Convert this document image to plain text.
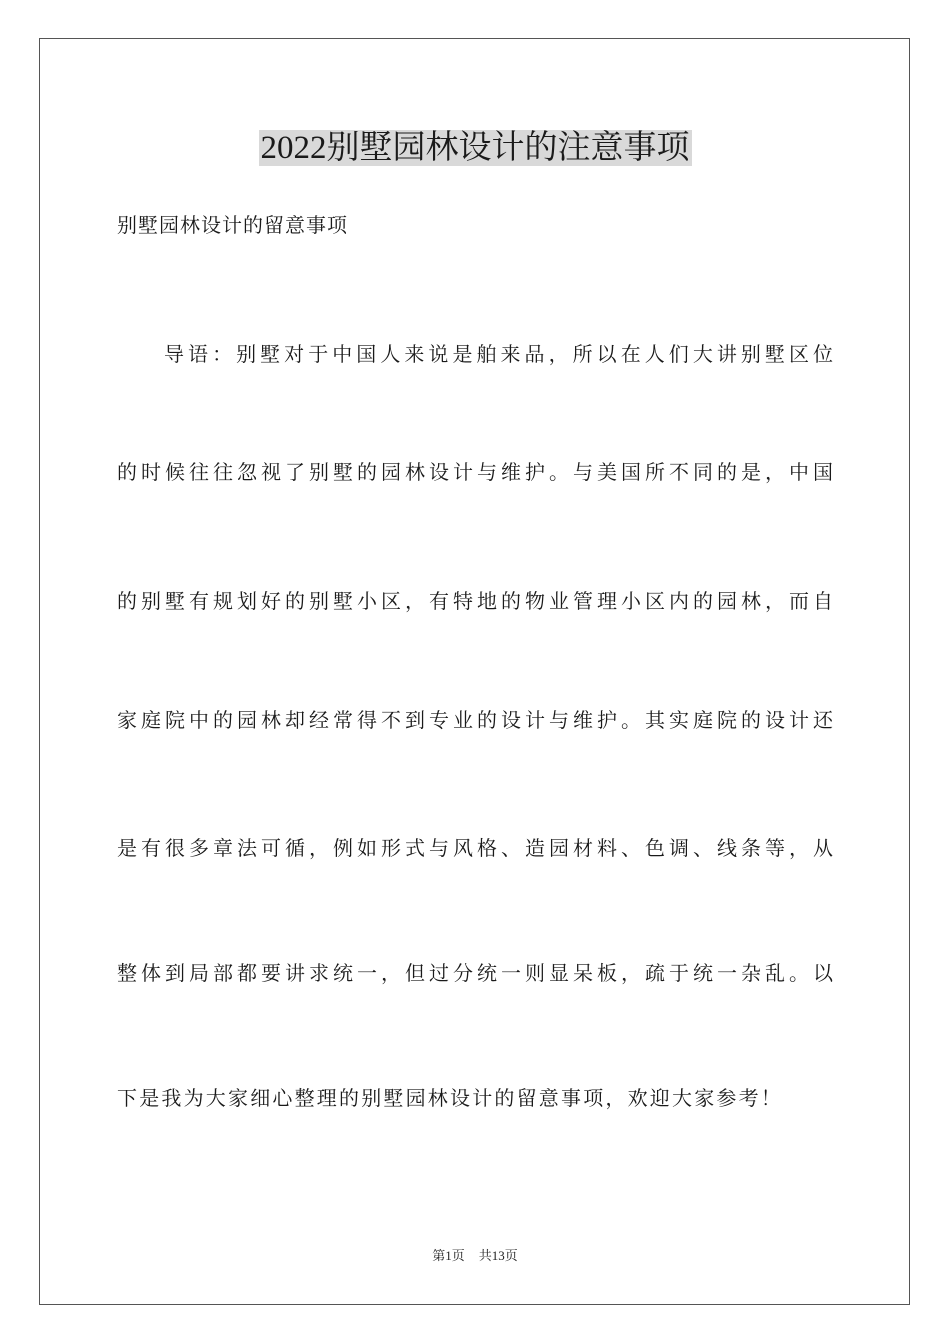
2022别墅园林设计的注意事项

别墅园林设计的留意事项

导语：别墅对于中国人来说是舶来品，所以在人们大讲别墅区位

的时候往往忽视了别墅的园林设计与维护。与美国所不同的是，中国

的别墅有规划好的别墅小区，有特地的物业管理小区内的园林，而自

家庭院中的园林却经常得不到专业的设计与维护。其实庭院的设计还

是有很多章法可循，例如形式与风格、造园材料、色调、线条等，从

整体到局部都要讲求统一，但过分统一则显呆板，疏于统一杂乱。以

下是我为大家细心整理的别墅园林设计的留意事项，欢迎大家参考！

第1页 共13页
